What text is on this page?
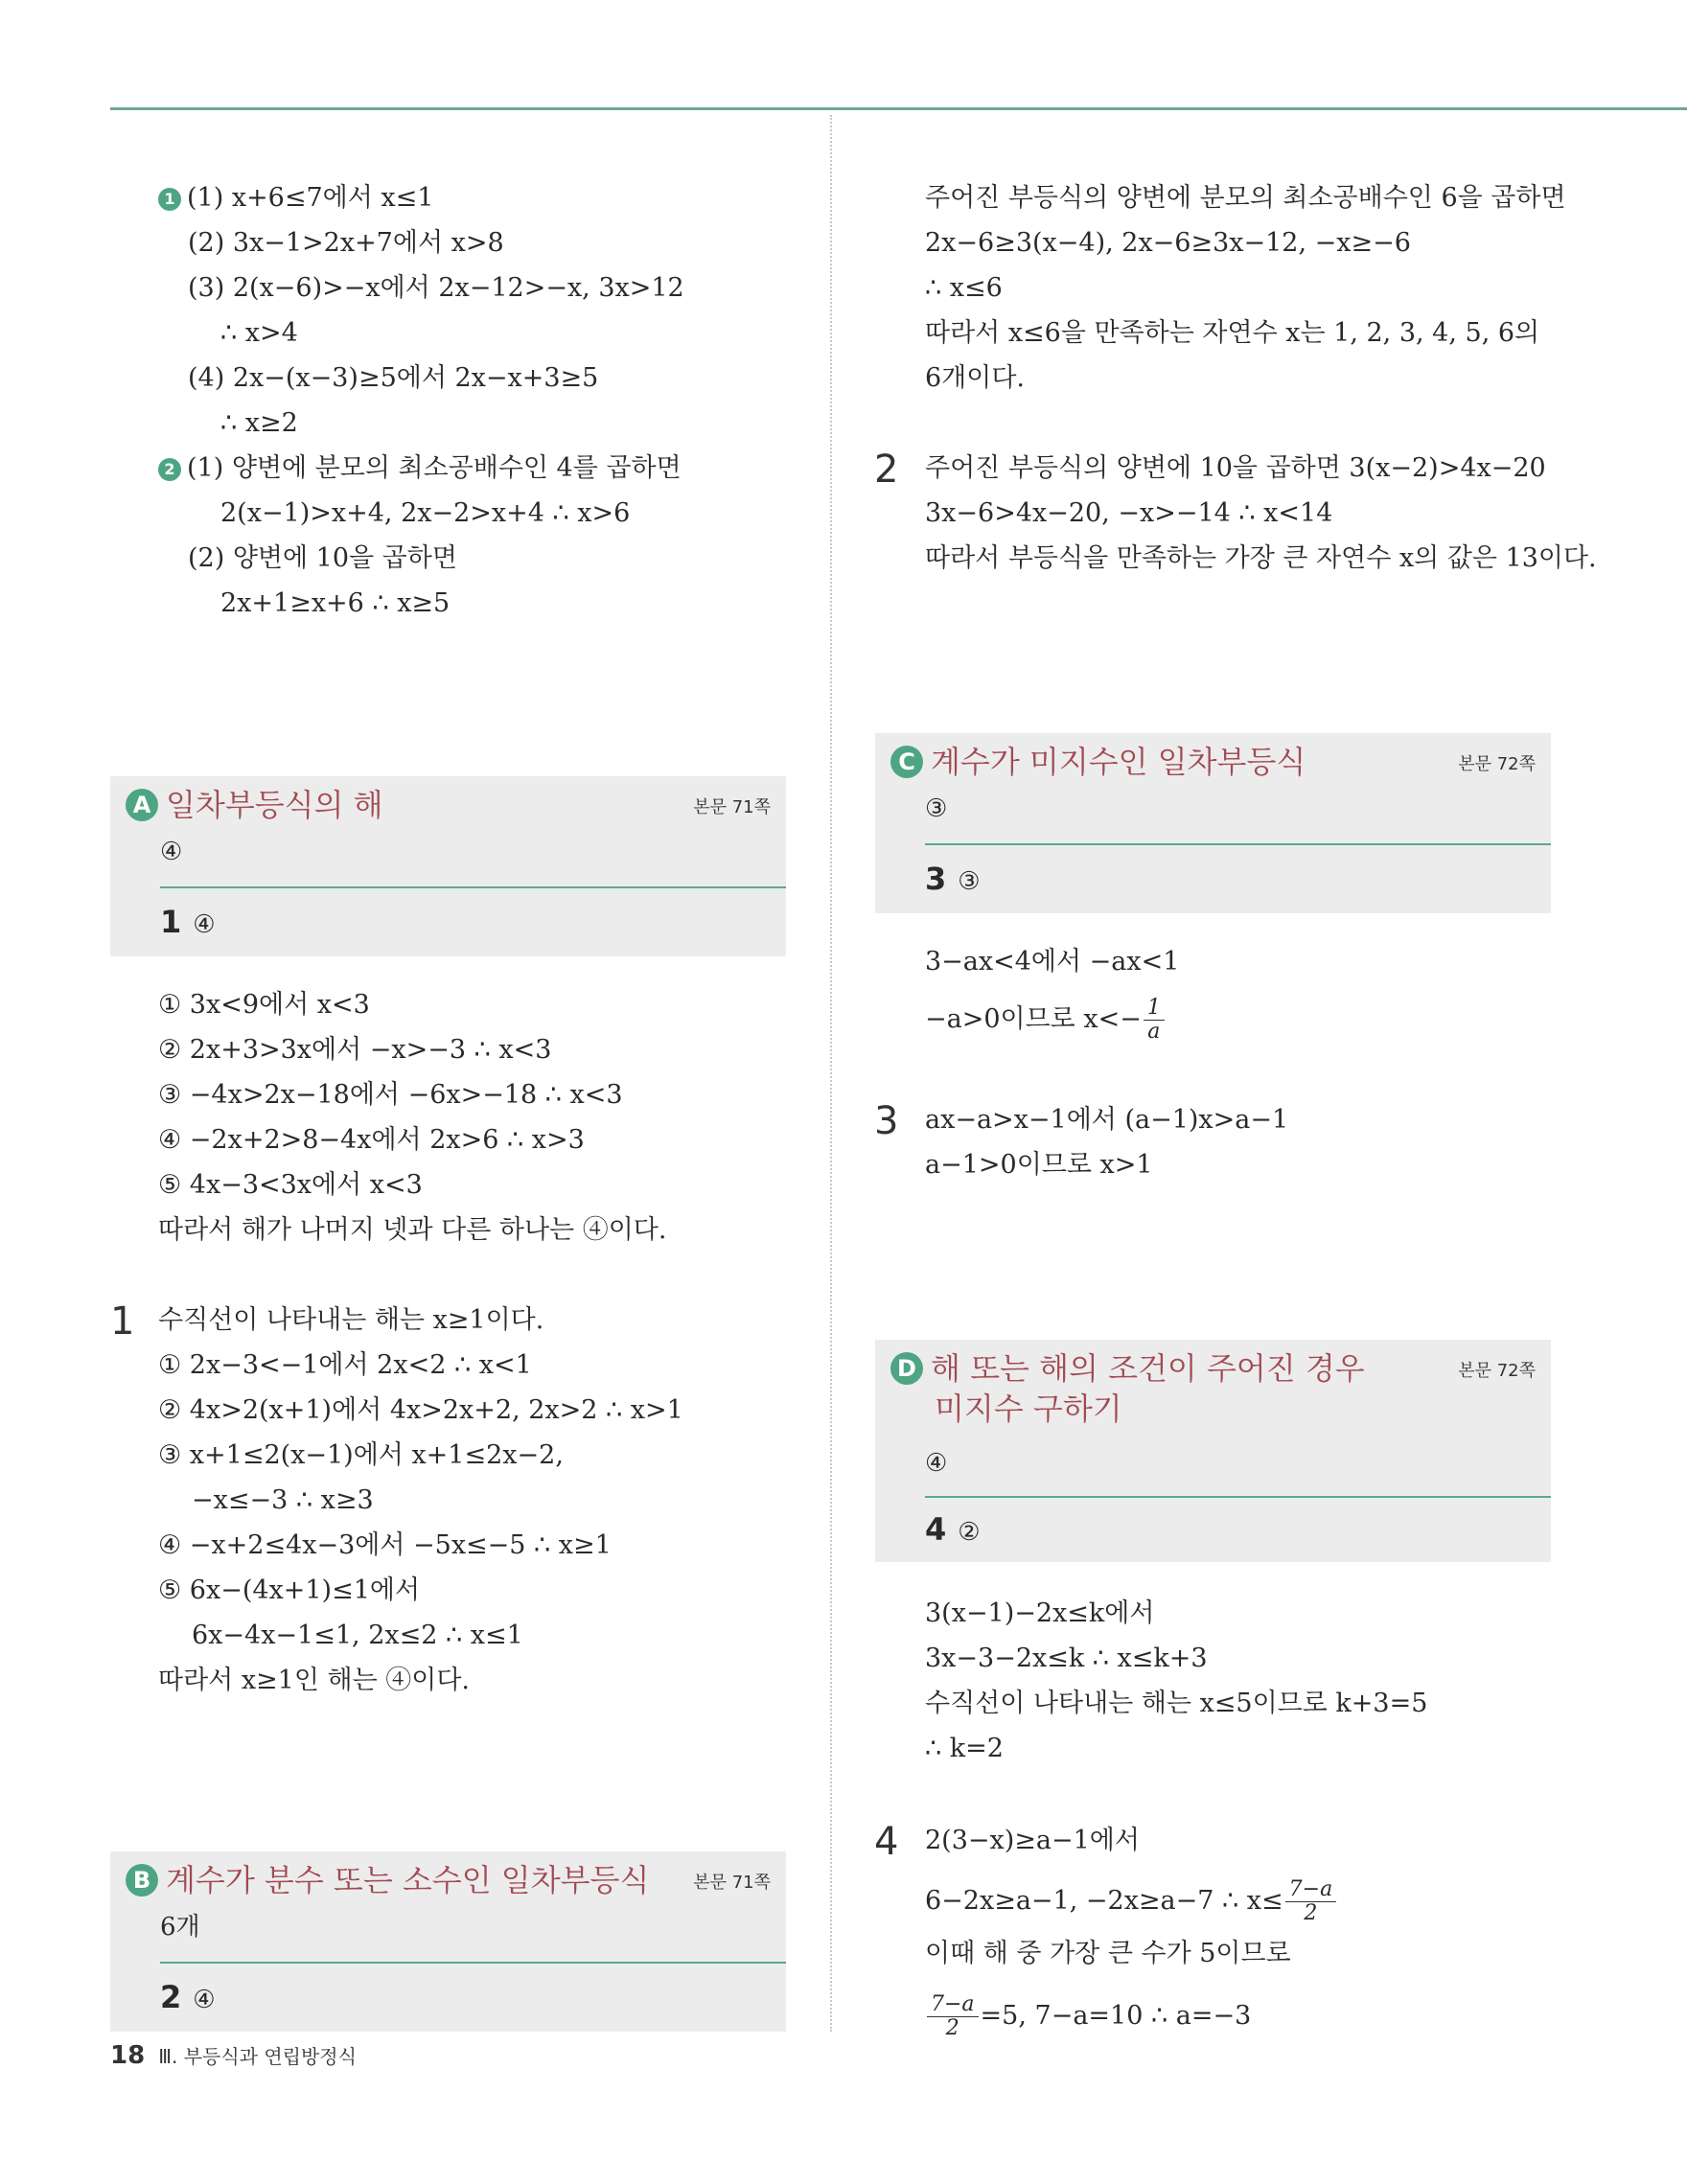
1 (1) x+6≤7에서 x≤1
(2) 3x−1>2x+7에서 x>8
(3) 2(x−6)>−x에서 2x−12>−x, 3x>12
∴ x>4
(4) 2x−(x−3)≥5에서 2x−x+3≥5
∴ x≥2
2 (1) 양변에 분모의 최소공배수인 4를 곱하면
2(x−1)>x+4, 2x−2>x+4 ∴ x>6
(2) 양변에 10을 곱하면
2x+1≥x+6 ∴ x≥5
주어진 부등식의 양변에 분모의 최소공배수인 6을 곱하면
2x−6≥3(x−4), 2x−6≥3x−12, −x≥−6
∴ x≤6
따라서 x≤6을 만족하는 자연수 x는 1, 2, 3, 4, 5, 6의
6개이다.
2 주어진 부등식의 양변에 10을 곱하면 3(x−2)>4x−20
3x−6>4x−20, −x>−14 ∴ x<14
따라서 부등식을 만족하는 가장 큰 자연수 x의 값은 13이다.
A 일차부등식의 해	본문 71쪽
④
1 ④
① 3x<9에서 x<3
② 2x+3>3x에서 −x>−3 ∴ x<3
③ −4x>2x−18에서 −6x>−18 ∴ x<3
④ −2x+2>8−4x에서 2x>6 ∴ x>3
⑤ 4x−3<3x에서 x<3
따라서 해가 나머지 넷과 다른 하나는 ④이다.
1 수직선이 나타내는 해는 x≥1이다.
① 2x−3<−1에서 2x<2 ∴ x<1
② 4x>2(x+1)에서 4x>2x+2, 2x>2 ∴ x>1
③ x+1≤2(x−1)에서 x+1≤2x−2,
−x≤−3 ∴ x≥3
④ −x+2≤4x−3에서 −5x≤−5 ∴ x≥1
⑤ 6x−(4x+1)≤1에서
6x−4x−1≤1, 2x≤2 ∴ x≤1
따라서 x≥1인 해는 ④이다.
B 계수가 분수 또는 소수인 일차부등식	본문 71쪽
6개
2 ④
C 계수가 미지수인 일차부등식	본문 72쪽
③
3 ③
3−ax<4에서 −ax<1
−a>0이므로 $x<- \frac{1}{a}$
3 ax−a>x−1에서 (a−1)x>a−1
a−1>0이므로 x>1
D 해 또는 해의 조건이 주어진 경우
미지수 구하기
본문 72쪽
④
4 ②
3(x−1)−2x≤k에서
3x−3−2x≤k ∴ x≤k+3
수직선이 나타내는 해는 x≤5이므로 k+3=5
∴ k=2
4 2(3−x)≥a−1에서
6−2x≥a−1, −2x≥a−7 ∴ $x\le \frac{7-a}{2}$
이때 해 중 가장 큰 수가 5이므로
$\frac{7-a}{2} =5$, 7−a=10 ∴ a=−3
18 Ⅲ. 부등식과 연립방정식
